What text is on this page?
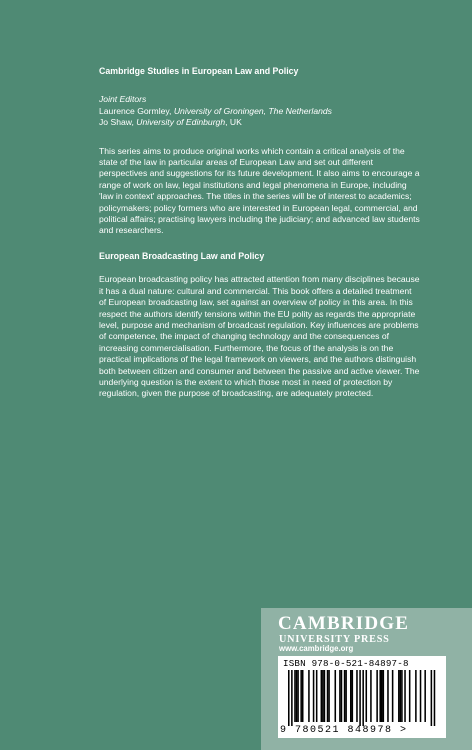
Cambridge Studies in European Law and Policy
Joint Editors
Laurence Gormley, University of Groningen, The Netherlands
Jo Shaw, University of Edinburgh, UK
This series aims to produce original works which contain a critical analysis of the state of the law in particular areas of European Law and set out different perspectives and suggestions for its future development. It also aims to encourage a range of work on law, legal institutions and legal phenomena in Europe, including 'law in context' approaches. The titles in the series will be of interest to academics; policymakers; policy formers who are interested in European legal, commercial, and political affairs; practising lawyers including the judiciary; and advanced law students and researchers.
European Broadcasting Law and Policy
European broadcasting policy has attracted attention from many disciplines because it has a dual nature: cultural and commercial. This book offers a detailed treatment of European broadcasting law, set against an overview of policy in this area. In this respect the authors identify tensions within the EU polity as regards the appropriate level, purpose and mechanism of broadcast regulation. Key influences are problems of competence, the impact of changing technology and the consequences of increasing commercialisation. Furthermore, the focus of the analysis is on the practical implications of the legal framework on viewers, and the authors distinguish both between citizen and consumer and between the passive and active viewer. The underlying question is the extent to which those most in need of protection by regulation, given the purpose of broadcasting, are adequately protected.
CAMBRIDGE
UNIVERSITY PRESS
www.cambridge.org
ISBN 978-0-521-84897-8
9 780521 848978 >
